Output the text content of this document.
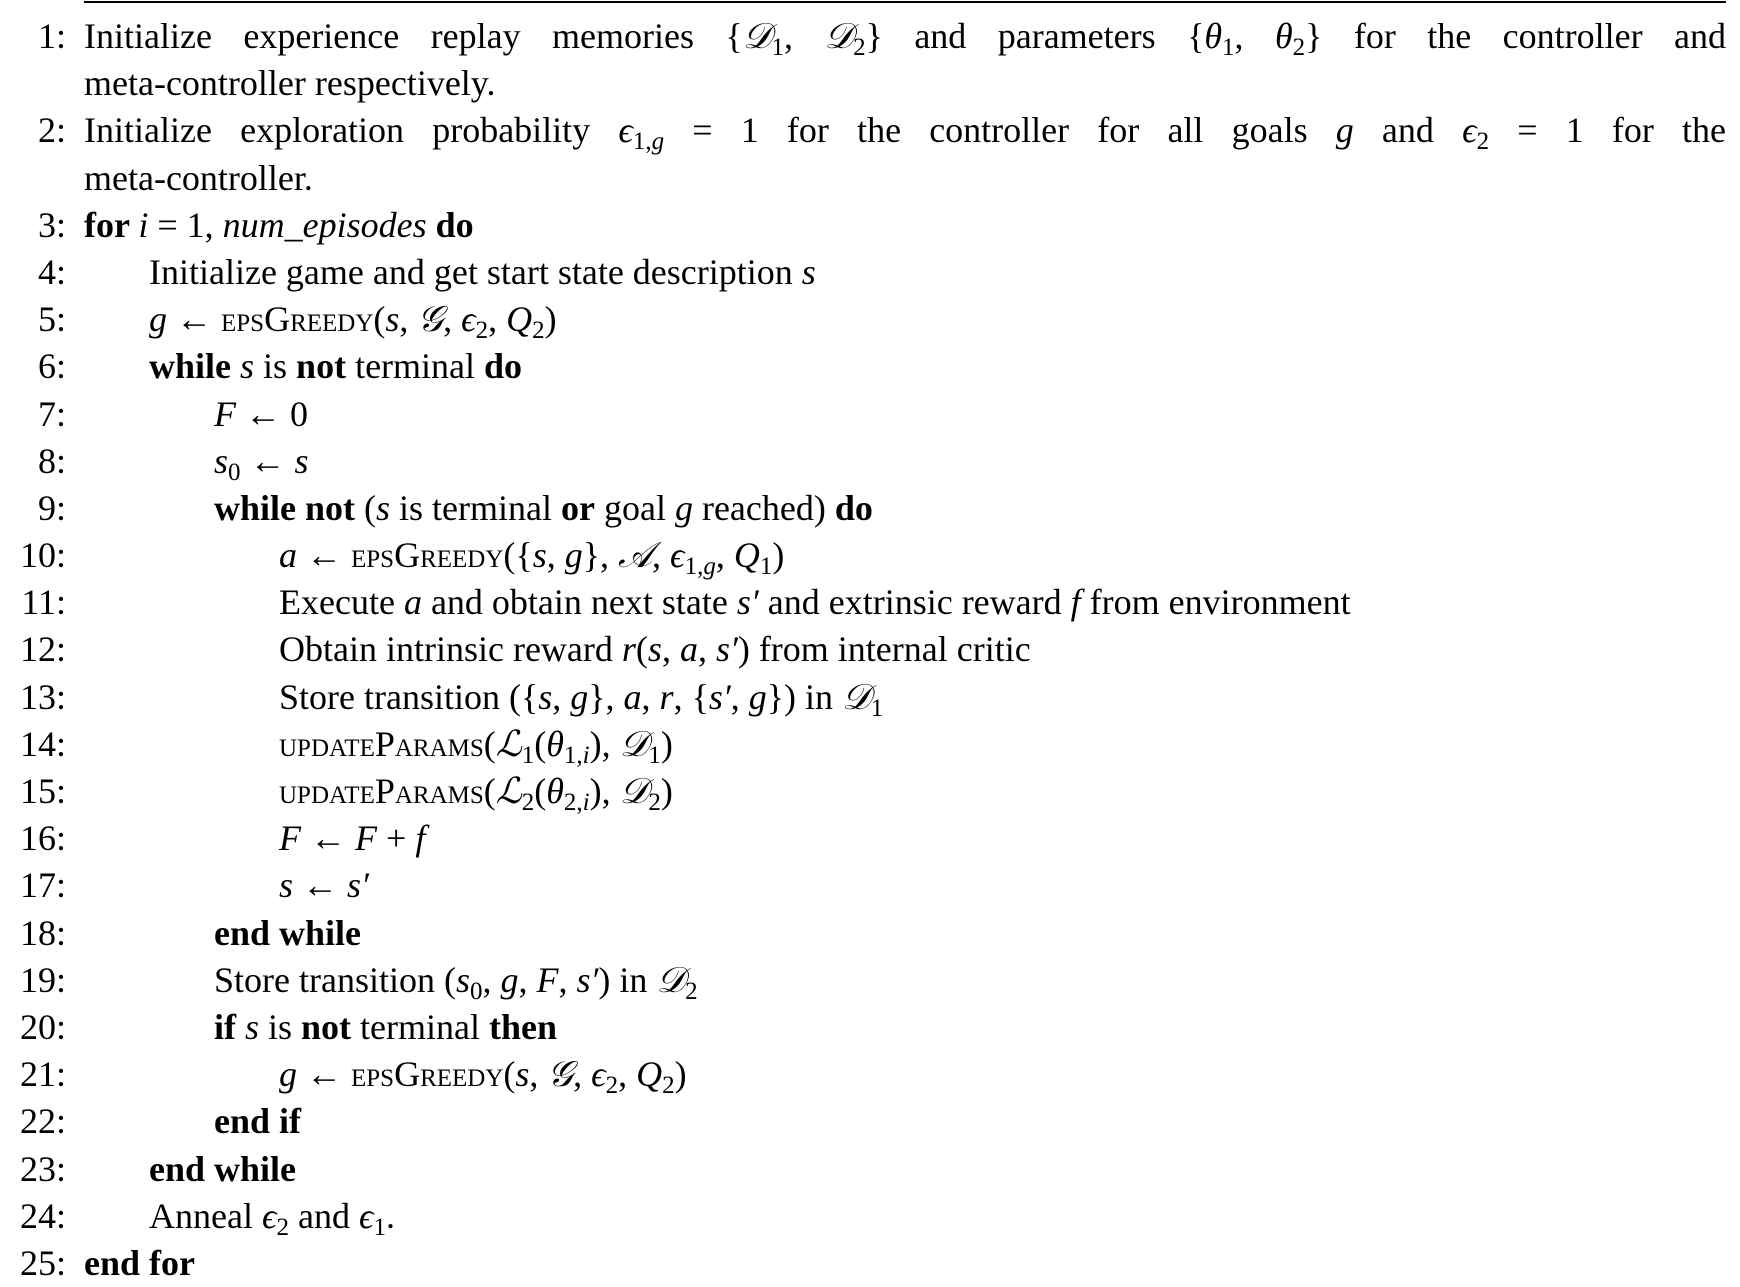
1: Initialize experience replay memories {𝒟1, 𝒟2} and parameters {θ1, θ2} for the controller and
meta-controller respectively.
2: Initialize exploration probability ϵ1,g = 1 for the controller for all goals g and ϵ2 = 1 for the
meta-controller.
3: for i = 1, num_episodes do
4: Initialize game and get start state description s
5: g ← epsGreedy(s, 𝒢, ϵ2, Q2)
6: while s is not terminal do
7:	F ← 0
8:	s0 ← s
9:	while not (s is terminal or goal g reached) do
10:	a ← epsGreedy({s, g}, 𝒜, ϵ1,g, Q1)
11:	Execute a and obtain next state s′ and extrinsic reward f from environment
12:	Obtain intrinsic reward r(s, a, s′) from internal critic
13:	Store transition ({s, g}, a, r, {s′, g}) in 𝒟1
14:	updateParams(ℒ1(θ1,i), 𝒟1)
15:	updateParams(ℒ2(θ2,i), 𝒟2)
16:	F ← F + f
17:	s ← s′
18:	end while
19:	Store transition (s0, g, F, s′) in 𝒟2
20:	if s is not terminal then
21:	g ← epsGreedy(s, 𝒢, ϵ2, Q2)
22:	end if
23: end while
24: Anneal ϵ2 and ϵ1.
25: end for
